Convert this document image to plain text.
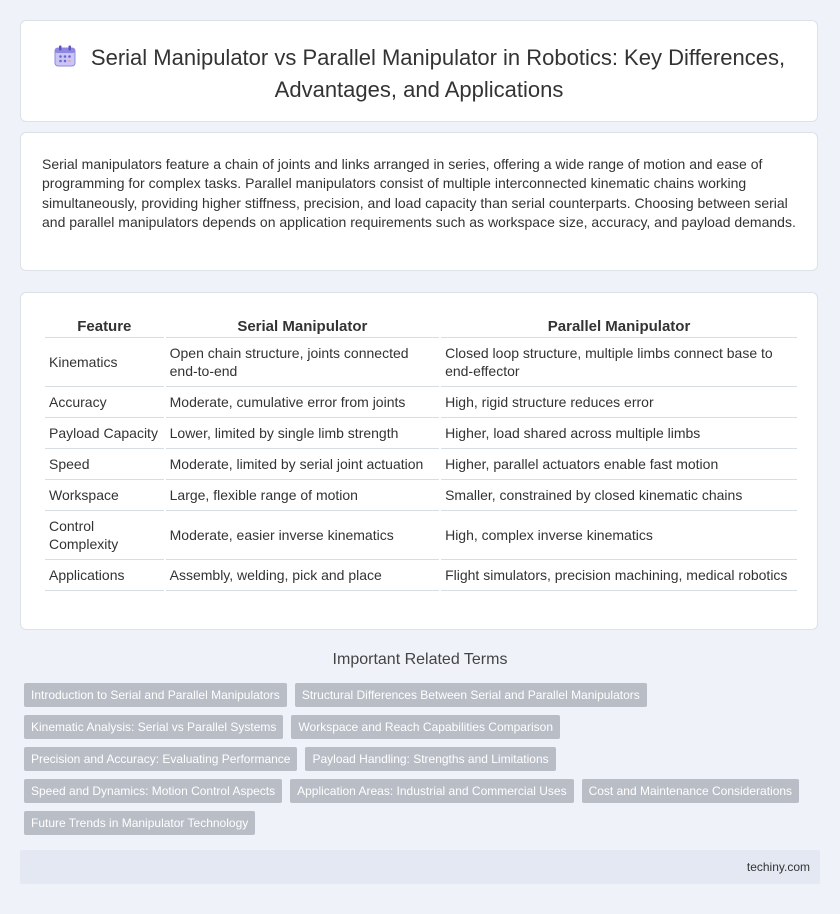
Serial Manipulator vs Parallel Manipulator in Robotics: Key Differences, Advantages, and Applications
Serial manipulators feature a chain of joints and links arranged in series, offering a wide range of motion and ease of programming for complex tasks. Parallel manipulators consist of multiple interconnected kinematic chains working simultaneously, providing higher stiffness, precision, and load capacity than serial counterparts. Choosing between serial and parallel manipulators depends on application requirements such as workspace size, accuracy, and payload demands.
Feature	Serial Manipulator	Parallel Manipulator
Kinematics	Open chain structure, joints connected end-to-end	Closed loop structure, multiple limbs connect base to end-effector
Accuracy	Moderate, cumulative error from joints	High, rigid structure reduces error
Payload Capacity	Lower, limited by single limb strength	Higher, load shared across multiple limbs
Speed	Moderate, limited by serial joint actuation	Higher, parallel actuators enable fast motion
Workspace	Large, flexible range of motion	Smaller, constrained by closed kinematic chains
Control Complexity	Moderate, easier inverse kinematics	High, complex inverse kinematics
Applications	Assembly, welding, pick and place	Flight simulators, precision machining, medical robotics
Important Related Terms
Introduction to Serial and Parallel Manipulators	Structural Differences Between Serial and Parallel Manipulators
Kinematic Analysis: Serial vs Parallel Systems	Workspace and Reach Capabilities Comparison
Precision and Accuracy: Evaluating Performance	Payload Handling: Strengths and Limitations
Speed and Dynamics: Motion Control Aspects	Application Areas: Industrial and Commercial Uses	Cost and Maintenance Considerations
Future Trends in Manipulator Technology
techiny.com
